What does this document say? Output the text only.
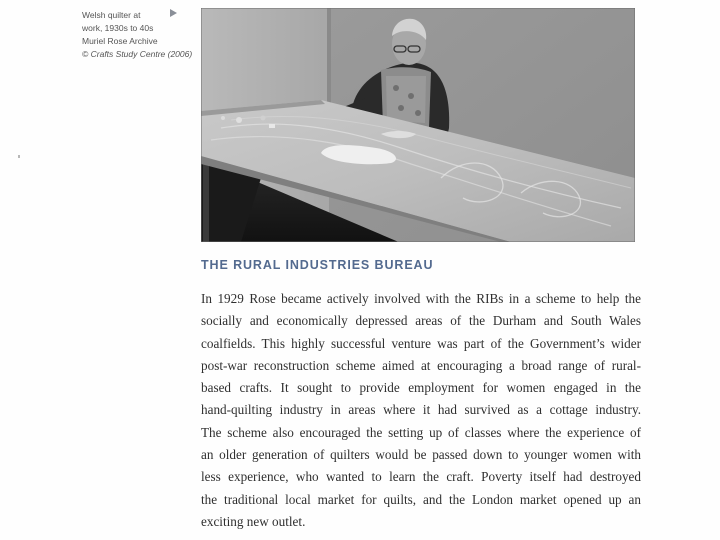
Welsh quilter at
work, 1930s to 40s
Muriel Rose Archive
© Crafts Study Centre (2006)
THE RURAL INDUSTRIES BUREAU
In 1929 Rose became actively involved with the RIBs in a scheme to help the
socially and economically depressed areas of the Durham and South Wales
coalfields. This highly successful venture was part of the Government’s wider
post-war reconstruction scheme aimed at encouraging a broad range of rural-
based crafts. It sought to provide employment for women engaged in the
hand-quilting industry in areas where it had survived as a cottage industry.
The scheme also encouraged the setting up of classes where the experience of
an older generation of quilters would be passed down to younger women with
less experience, who wanted to learn the craft. Poverty itself had destroyed
the traditional local market for quilts, and the London market opened up an
exciting new outlet.
